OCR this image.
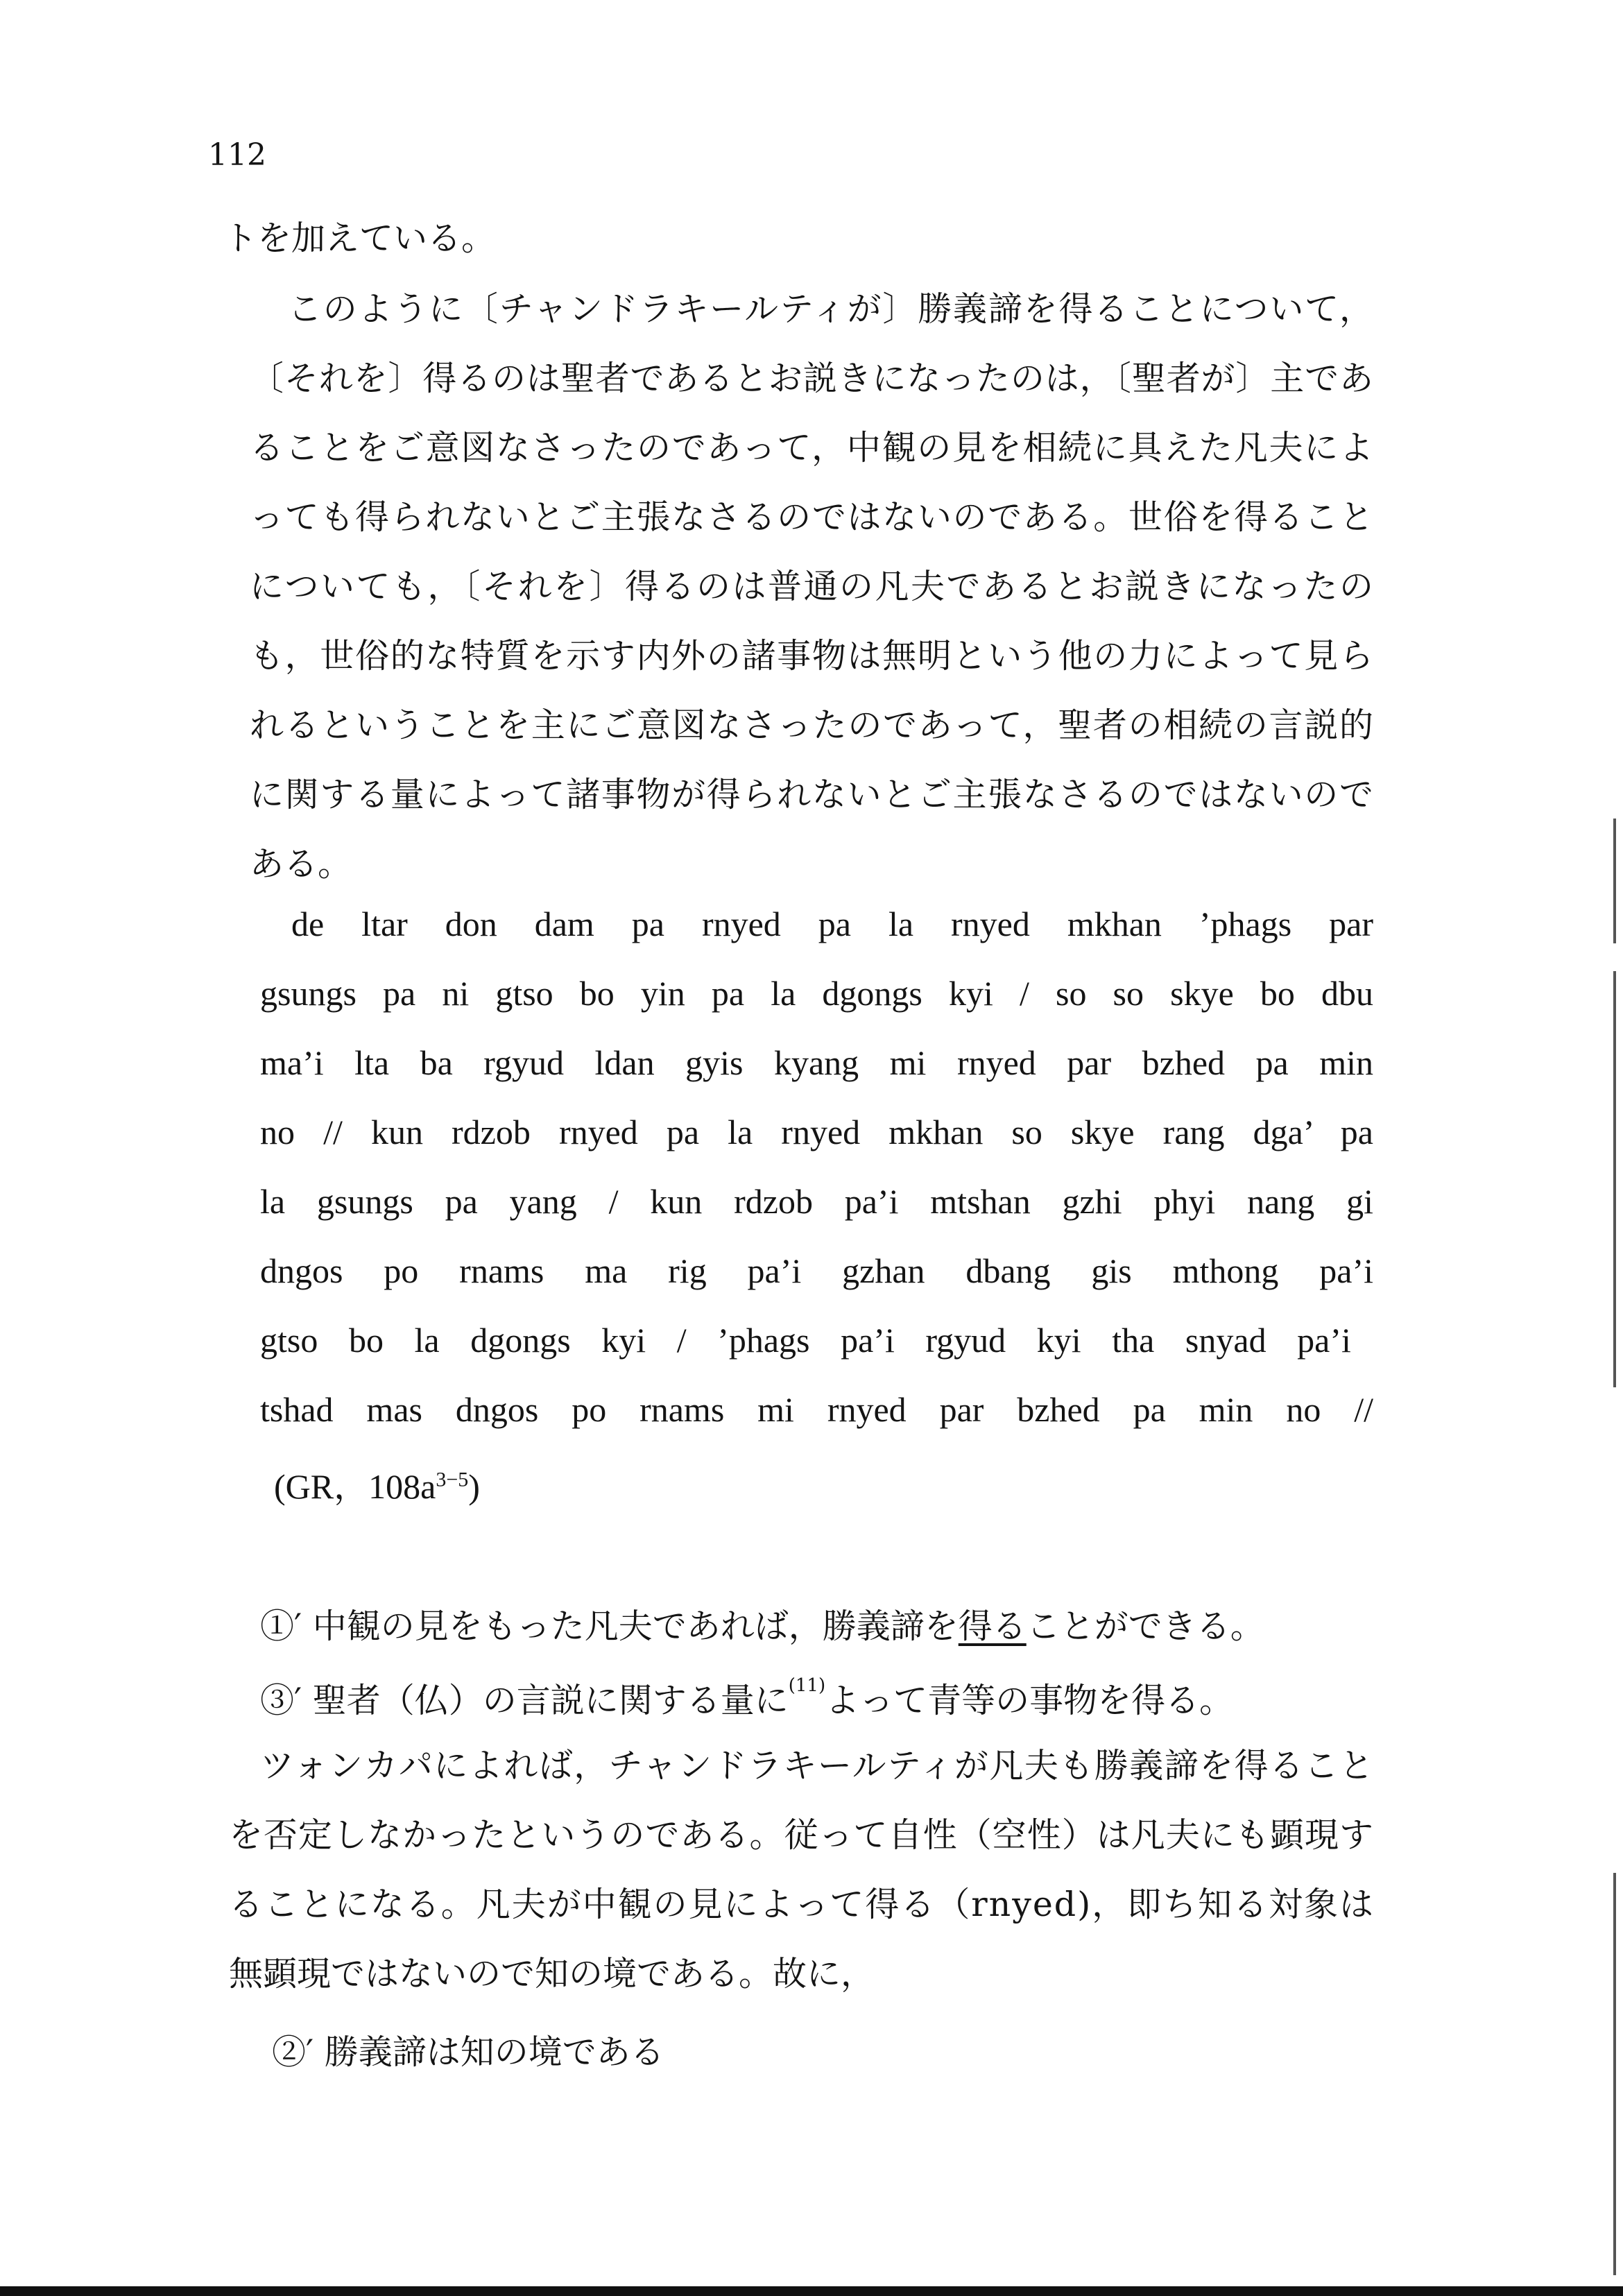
112
トを加えている。
このように〔チャンドラキールティが〕勝義諦を得ることについて，
〔それを〕得るのは聖者であるとお説きになったのは，〔聖者が〕主であ
ることをご意図なさったのであって，中観の見を相続に具えた凡夫によ
っても得られないとご主張なさるのではないのである。世俗を得ること
についても，〔それを〕得るのは普通の凡夫であるとお説きになったの
も，世俗的な特質を示す内外の諸事物は無明という他の力によって見ら
れるということを主にご意図なさったのであって，聖者の相続の言説的
に関する量によって諸事物が得られないとご主張なさるのではないので
ある。
de ltar don dam pa rnyed pa la rnyed mkhan ’phags par
gsungs pa ni gtso bo yin pa la dgongs kyi / so so skye bo dbu
ma’i lta ba rgyud ldan gyis kyang mi rnyed par bzhed pa min
no // kun rdzob rnyed pa la rnyed mkhan so skye rang dga’ pa
la gsungs pa yang / kun rdzob pa’i mtshan gzhi phyi nang gi
dngos po rnams ma rig pa’i gzhan dbang gis mthong pa’i
gtso bo la dgongs kyi / ’phags pa’i rgyud kyi tha snyad pa’i
tshad mas dngos po rnams mi rnyed par bzhed pa min no //
(GR，$108a^{3-5}$)
①′ 中観の見をもった凡夫であれば，勝義諦を得ることができる。
③′ 聖者（仏）の言説に関する量に$^{(11)}$よって青等の事物を得る。
ツォンカパによれば，チャンドラキールティが凡夫も勝義諦を得ること
を否定しなかったというのである。従って自性（空性）は凡夫にも顕現す
ることになる。凡夫が中観の見によって得る（rnyed)，即ち知る対象は
無顕現ではないので知の境である。故に，
②′ 勝義諦は知の境である
